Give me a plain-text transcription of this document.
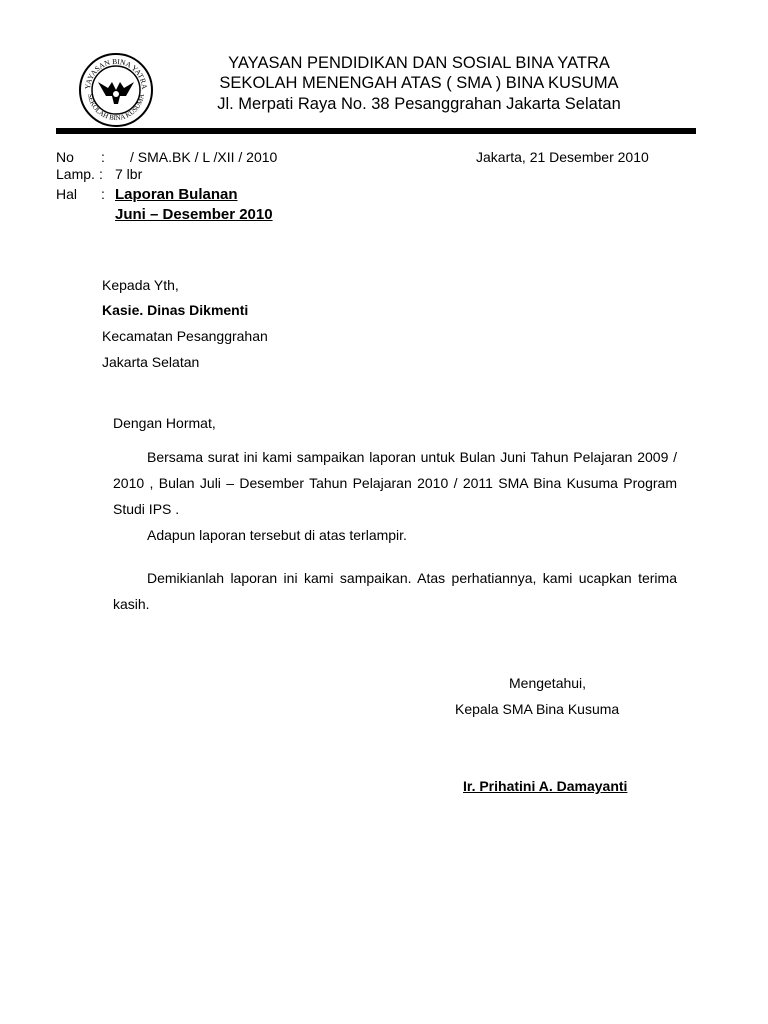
YAYASAN BINA YATRA
SEKOLAH BINA KUSUMA
YAYASAN PENDIDIKAN DAN SOSIAL BINA YATRA
SEKOLAH MENENGAH ATAS ( SMA ) BINA KUSUMA
Jl. Merpati Raya No. 38 Pesanggrahan Jakarta Selatan
No : / SMA.BK / L /XII / 2010
Lamp. : 7 lbr
Hal : Laporan Bulanan
Juni – Desember 2010
Jakarta, 21 Desember 2010
Kepada Yth,
Kasie. Dinas Dikmenti
Kecamatan Pesanggrahan
Jakarta Selatan
Dengan Hormat,
Bersama surat ini kami sampaikan laporan untuk Bulan Juni Tahun Pelajaran 2009 / 2010 , Bulan Juli – Desember Tahun Pelajaran 2010 / 2011 SMA Bina Kusuma Program Studi IPS .
Adapun laporan tersebut di atas terlampir.
Demikianlah laporan ini kami sampaikan. Atas perhatiannya, kami ucapkan terima kasih.
Mengetahui,
Kepala SMA Bina Kusuma
Ir. Prihatini A. Damayanti
